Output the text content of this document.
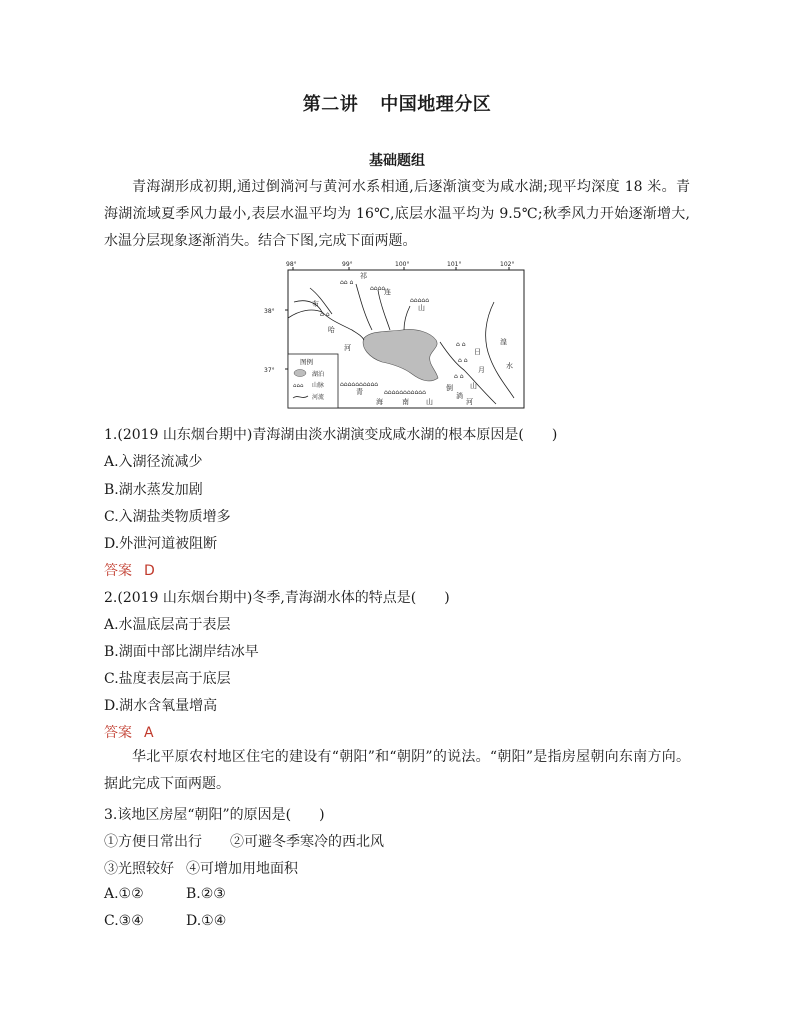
第二讲 中国地理分区
基础题组

青海湖形成初期,通过倒淌河与黄河水系相通,后逐渐演变为咸水湖;现平均深度 18 米。青海湖流域夏季风力最小,表层水温平均为 16℃,底层水温平均为 9.5℃;秋季风力开始逐渐增大,水温分层现象逐渐消失。结合下图,完成下面两题。

98°	99°	100°	101°	102°
38°
37°
⌂⌂ ⌂
⌂⌂⌂⌂
⌂⌂⌂⌂⌂
⌂ ⌂
⌂ ⌂
⌂ ⌂
⌂ ⌂
⌂⌂⌂⌂⌂⌂⌂⌂⌂⌂
⌂⌂⌂⌂⌂⌂⌂⌂⌂⌂⌂
祁
连
山
布
哈
河	日
月
山
湟
水
青
海	南 山
倒
淌
河
图例
湖泊
⌂⌂⌂ 山脉
河流

1.(2019 山东烟台期中)青海湖由淡水湖演变成咸水湖的根本原因是(　　)

A.入湖径流减少

B.湖水蒸发加剧

C.入湖盐类物质增多

D.外泄河道被阻断

答案 D

2.(2019 山东烟台期中)冬季,青海湖水体的特点是(　　)

A.水温底层高于表层

B.湖面中部比湖岸结冰早

C.盐度表层高于底层

D.湖水含氧量增高

答案 A

华北平原农村地区住宅的建设有“朝阳”和“朝阴”的说法。“朝阳”是指房屋朝向东南方向。据此完成下面两题。

3.该地区房屋“朝阳”的原因是(　　)

①方便日常出行 ②可避冬季寒冷的西北风

③光照较好 ④可增加用地面积

A.①②	B.②③

C.③④	D.①④
